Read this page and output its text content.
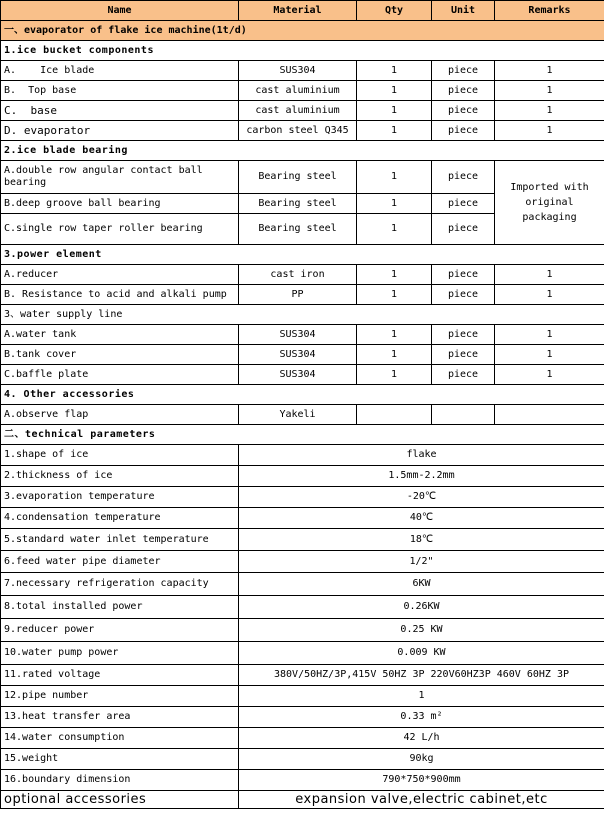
Name	Material	Qty	Unit	Remarks
一、evaporator of flake ice machine(1t/d)				
1.ice bucket components				
A.    Ice blade	SUS304	1	piece	1
B.  Top base	cast aluminium	1	piece	1
C.  base	cast aluminium	1	piece	1
D. evaporator	carbon steel Q345	1	piece	1
2.ice blade bearing				
A.double row angular contact ball bearing	Bearing steel	1	piece	Imported with original packaging
B.deep groove ball bearing	Bearing steel	1	piece	
C.single row taper roller bearing	Bearing steel	1	piece	
3.power element				
A.reducer	cast iron	1	piece	1
B. Resistance to acid and alkali pump	PP	1	piece	1
3、water supply line				
A.water tank	SUS304	1	piece	1
B.tank cover	SUS304	1	piece	1
C.baffle plate	SUS304	1	piece	1
4. Other accessories				
A.observe flap	Yakeli			
二、technical parameters				
1.shape of ice	flake			
2.thickness of ice	1.5mm-2.2mm			
3.evaporation temperature	-20℃			
4.condensation temperature	40℃			
5.standard water inlet temperature	18℃			
6.feed water pipe diameter	1/2"			
7.necessary refrigeration capacity	6KW			
8.total installed power	0.26KW			
9.reducer power	0.25 KW			
10.water pump power	0.009 KW			
11.rated voltage	380V/50HZ/3P,415V 50HZ 3P 220V60HZ3P 460V 60HZ 3P			
12.pipe number	1			
13.heat transfer area	0.33 m²			
14.water consumption	42 L/h			
15.weight	90kg			
16.boundary dimension	790*750*900mm			
optional accessories	expansion valve,electric cabinet,etc			
